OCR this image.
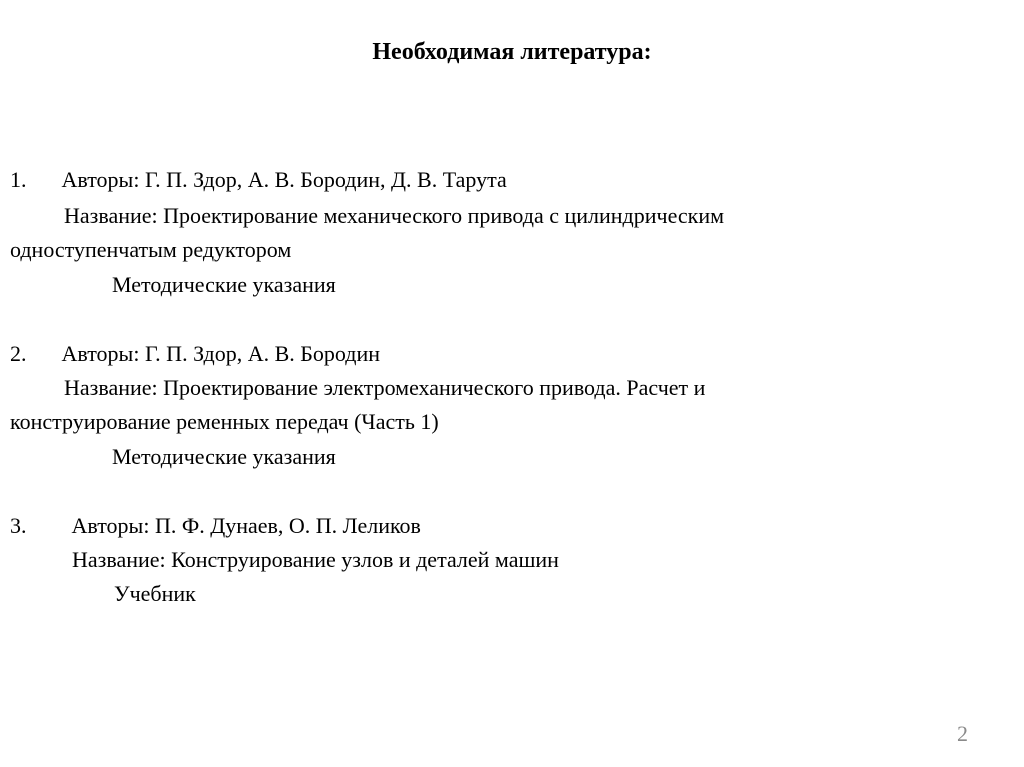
Необходимая литература:
1. Авторы: Г. П. Здор, А. В. Бородин, Д. В. Тарута
Название: Проектирование механического привода с цилиндрическим
одноступенчатым редуктором
Методические указания
2. Авторы: Г. П. Здор, А. В. Бородин
Название: Проектирование электромеханического привода. Расчет и
конструирование ременных передач (Часть 1)
Методические указания
3. Авторы: П. Ф. Дунаев, О. П. Леликов
Название: Конструирование узлов и деталей машин
Учебник
2
